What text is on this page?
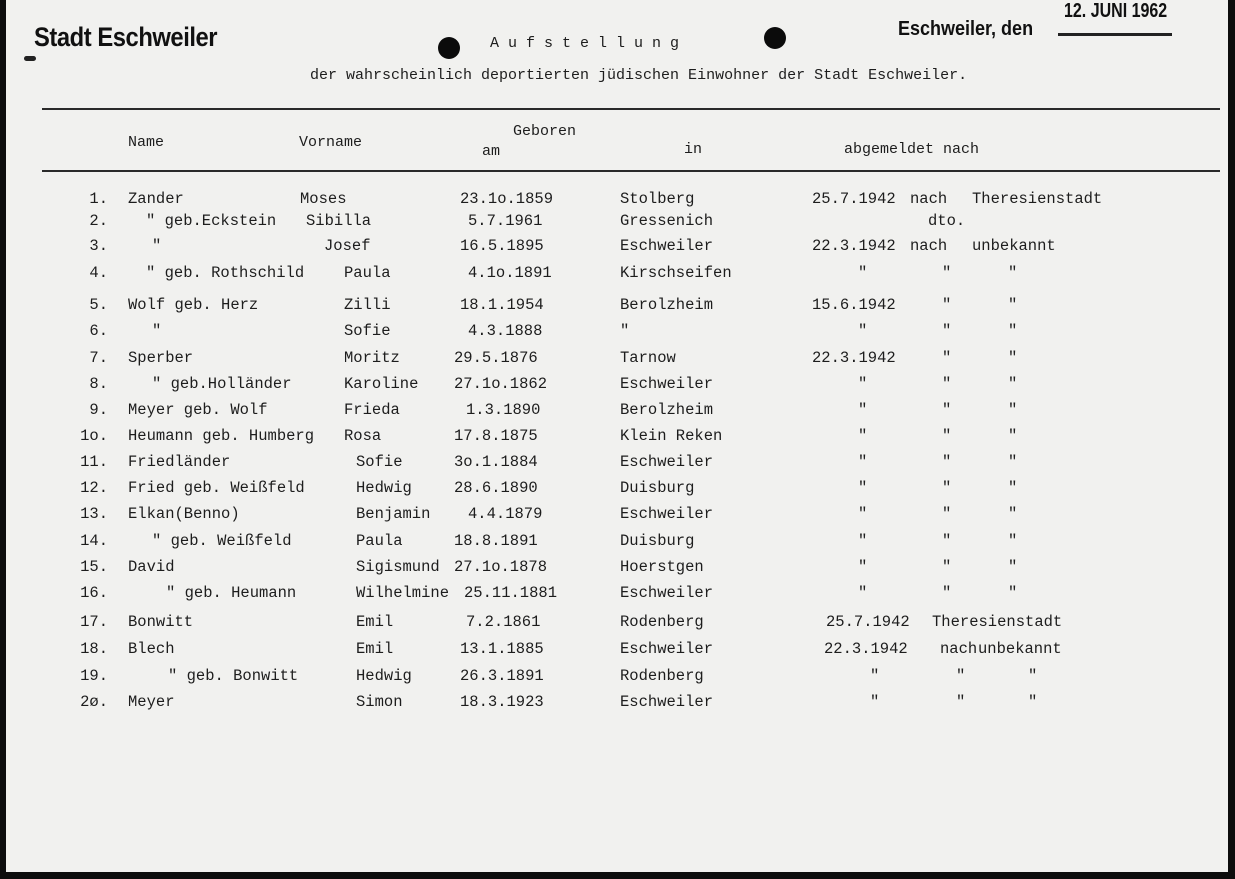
Stadt Eschweiler	Eschweiler, den
12. JUNI 1962
A u f s t e l l u n g
der wahrscheinlich deportierten jüdischen Einwohner der Stadt Eschweiler.
Name	Vorname
Geboren
am	in	abgemeldet nach
1. Zander	Moses	23.1o.1859	Stolberg	25.7.1942 nach Theresienstadt
2. " geb.Eckstein Sibilla	5.7.1961	Gressenich	dto.
3.	"	Josef	16.5.1895	Eschweiler	22.3.1942 nach unbekannt
4. " geb. Rothschild	Paula	4.1o.1891	Kirschseifen	"	"	"
5. Wolf geb. Herz	Zilli	18.1.1954	Berolzheim	15.6.1942	"	"
6.	"	Sofie	4.3.1888	"	"	"	"
7. Sperber	Moritz	29.5.1876	Tarnow	22.3.1942	"	"
8.	" geb.Holländer	Karoline 27.1o.1862	Eschweiler	"	"	"
9. Meyer geb. Wolf	Frieda	1.3.1890	Berolzheim	"	"	"
1o. Heumann geb. Humberg Rosa	17.8.1875	Klein Reken	"	"	"
11. Friedländer	Sofie	3o.1.1884	Eschweiler	"	"	"
12. Fried geb. Weißfeld	Hedwig	28.6.1890	Duisburg	"	"	"
13. Elkan(Benno)	Benjamin 4.4.1879	Eschweiler	"	"	"
14.	" geb. Weißfeld	Paula	18.8.1891	Duisburg	"	"	"
15. David	Sigismund 27.1o.1878	Hoerstgen	"	"	"
16.	" geb. Heumann	Wilhelmine 25.11.1881	Eschweiler	"	"	"
17. Bonwitt	Emil	7.2.1861	Rodenberg	25.7.1942 Theresienstadt
18. Blech	Emil	13.1.1885	Eschweiler	22.3.1942 nach unbekannt
19.	" geb. Bonwitt	Hedwig	26.3.1891	Rodenberg	"	"	"
2ø. Meyer	Simon	18.3.1923	Eschweiler	"	"	"
